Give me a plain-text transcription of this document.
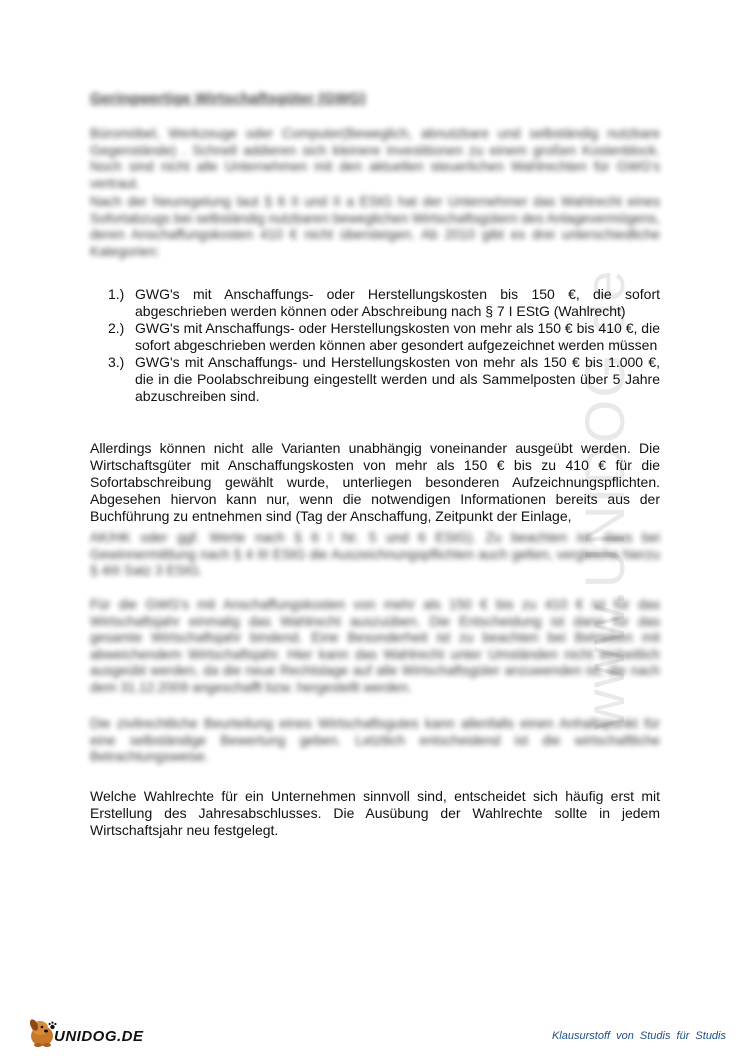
www.UNIDOG.de
Geringwertige Wirtschaftsgüter (GWG)

Büromöbel, Werkzeuge oder Computer(Beweglich, abnutzbare und selbständig nutzbare Gegenstände) . Schnell addieren sich kleinere Investitionen zu einem großen Kostenblock. Noch sind nicht alle Unternehmen mit den aktuellen steuerlichen Wahlrechten für GWG's vertraut.

Nach der Neuregelung laut § 6 II und II a EStG hat der Unternehmer das Wahlrecht eines Sofortabzugs bei selbständig nutzbaren beweglichen Wirtschaftsgütern des Anlagevermögens, deren Anschaffungskosten 410 € nicht übersteigen. Ab 2010 gibt es drei unterschiedliche Kategorien:

1.) GWG's mit Anschaffungs- oder Herstellungskosten bis 150 €, die sofort abgeschrieben werden können oder Abschreibung nach § 7 I EStG (Wahlrecht)
2.) GWG's mit Anschaffungs- oder Herstellungskosten von mehr als 150 € bis 410 €, die sofort abgeschrieben werden können aber gesondert aufgezeichnet werden müssen
3.) GWG's mit Anschaffungs- und Herstellungskosten von mehr als 150 € bis 1.000 €, die in die Poolabschreibung eingestellt werden und als Sammelposten über 5 Jahre abzuschreiben sind.

Allerdings können nicht alle Varianten unabhängig voneinander ausgeübt werden. Die Wirtschaftsgüter mit Anschaffungskosten von mehr als 150 € bis zu 410 € für die Sofortabschreibung gewählt wurde, unterliegen besonderen Aufzeichnungspflichten. Abgesehen hiervon kann nur, wenn die notwendigen Informationen bereits aus der Buchführung zu entnehmen sind (Tag der Anschaffung, Zeitpunkt der Einlage,

AK/HK oder ggf. Werte nach § 6 I Nr. 5 und 6 EStG). Zu beachten ist, dass bei Gewinnermittlung nach § 4 III EStG die Auszeichnungspflichten auch gelten, vergleiche hierzu § 4III Satz 3 EStG.

Für die GWG's mit Anschaffungskosten von mehr als 150 € bis zu 410 € ist für das Wirtschaftsjahr einmalig das Wahlrecht auszuüben. Die Entscheidung ist dann für das gesamte Wirtschaftsjahr bindend. Eine Besonderheit ist zu beachten bei Betrieben mit abweichendem Wirtschaftsjahr. Hier kann das Wahlrecht unter Umständen nicht einheitlich ausgeübt werden, da die neue Rechtslage auf alle Wirtschaftsgüter anzuwenden ist, die nach dem 31.12.2009 angeschafft bzw. hergestellt werden.

Die zivilrechtliche Beurteilung eines Wirtschaftsgutes kann allenfalls einen Anhaltspunkt für eine selbständige Bewertung geben. Letztlich entscheidend ist die wirtschaftliche Betrachtungsweise.

Welche Wahlrechte für ein Unternehmen sinnvoll sind, entscheidet sich häufig erst mit Erstellung des Jahresabschlusses. Die Ausübung der Wahlrechte sollte in jedem Wirtschaftsjahr neu festgelegt.

UNIDOG.DE	Klausurstoff von Studis für Studis
